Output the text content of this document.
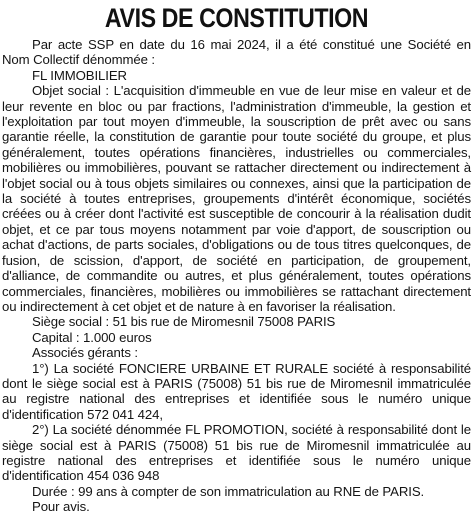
AVIS DE CONSTITUTION

Par acte SSP en date du 16 mai 2024, il a été constitué une Société en Nom Collectif dénommée :

FL IMMOBILIER

Objet social : L'acquisition d'immeuble en vue de leur mise en valeur et de leur revente en bloc ou par fractions, l'administration d'immeuble, la gestion et l'exploitation par tout moyen d'immeuble, la souscription de prêt avec ou sans garantie réelle, la constitution de garantie pour toute société du groupe, et plus généralement, toutes opérations financières, industrielles ou commerciales, mobilières ou immobilières, pouvant se rattacher directement ou indirectement à l'objet social ou à tous objets similaires ou connexes, ainsi que la participation de la société à toutes entreprises, groupements d'intérêt économique, sociétés créées ou à créer dont l'activité est susceptible de concourir à la réalisation dudit objet, et ce par tous moyens notamment par voie d'apport, de souscription ou achat d'actions, de parts sociales, d'obligations ou de tous titres quelconques, de fusion, de scission, d'apport, de société en participation, de groupement, d'alliance, de commandite ou autres, et plus généralement, toutes opérations commerciales, financières, mobilières ou immobilières se rattachant directement ou indirectement à cet objet et de nature à en favoriser la réalisation.

Siège social : 51 bis rue de Miromesnil 75008 PARIS

Capital : 1.000 euros

Associés gérants :

1°) La société FONCIERE URBAINE ET RURALE société à responsabilité dont le siège social est à PARIS (75008) 51 bis rue de Miromesnil immatriculée au registre national des entreprises et identifiée sous le numéro unique d'identification 572 041 424,

2°) La société dénommée FL PROMOTION, société à responsabilité dont le siège social est à PARIS (75008) 51 bis rue de Miromesnil immatriculée au registre national des entreprises et identifiée sous le numéro unique d'identification 454 036 948

Durée : 99 ans à compter de son immatriculation au RNE de PARIS.

Pour avis.
